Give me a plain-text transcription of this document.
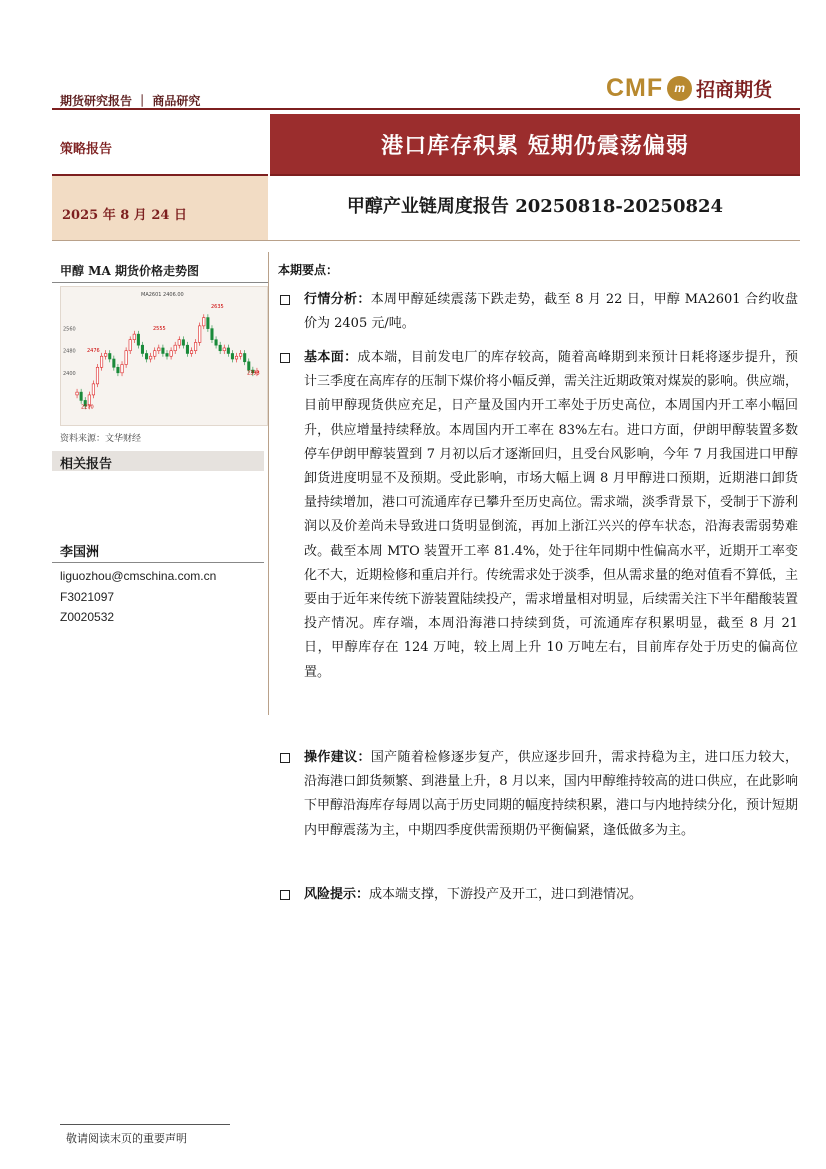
期货研究报告 ｜ 商品研究	CMF m 招商期货
策略报告	港口库存积累 短期仍震荡偏弱
2025 年 8 月 24 日	甲醇产业链周度报告 20250818-20250824
甲醇 MA 期货价格走势图
MA2601 2406.00
2560
2480
2400
2635
2555
2476
2270
2393
资料来源：文华财经
相关报告
李国洲
liguozhou@cmschina.com.cn
F3021097
Z0020532
本期要点：
行情分析：本周甲醇延续震荡下跌走势，截至 8 月 22 日，甲醇 MA2601 合约收盘价为 2405 元/吨。
基本面：成本端，目前发电厂的库存较高，随着高峰期到来预计日耗将逐步提升，预计三季度在高库存的压制下煤价将小幅反弹，需关注近期政策对煤炭的影响。供应端，目前甲醇现货供应充足，日产量及国内开工率处于历史高位，本周国内开工率小幅回升，供应增量持续释放。本周国内开工率在 83%左右。进口方面，伊朗甲醇装置多数停车伊朗甲醇装置到 7 月初以后才逐渐回归，且受台风影响，今年 7 月我国进口甲醇卸货进度明显不及预期。受此影响，市场大幅上调 8 月甲醇进口预期，近期港口卸货量持续增加，港口可流通库存已攀升至历史高位。需求端，淡季背景下，受制于下游利润以及价差尚未导致进口货明显倒流，再加上浙江兴兴的停车状态，沿海表需弱势难改。截至本周 MTO 装置开工率 81.4%，处于往年同期中性偏高水平，近期开工率变化不大，近期检修和重启并行。传统需求处于淡季，但从需求量的绝对值看不算低，主要由于近年来传统下游装置陆续投产，需求增量相对明显，后续需关注下半年醋酸装置投产情况。库存端，本周沿海港口持续到货，可流通库存积累明显，截至 8 月 21 日，甲醇库存在 124 万吨，较上周上升 10 万吨左右，目前库存处于历史的偏高位置。
操作建议：国产随着检修逐步复产，供应逐步回升，需求持稳为主，进口压力较大，沿海港口卸货频繁、到港量上升，8 月以来，国内甲醇维持较高的进口供应，在此影响下甲醇沿海库存每周以高于历史同期的幅度持续积累，港口与内地持续分化，预计短期内甲醇震荡为主，中期四季度供需预期仍平衡偏紧，逢低做多为主。
风险提示：成本端支撑，下游投产及开工，进口到港情况。
敬请阅读末页的重要声明
